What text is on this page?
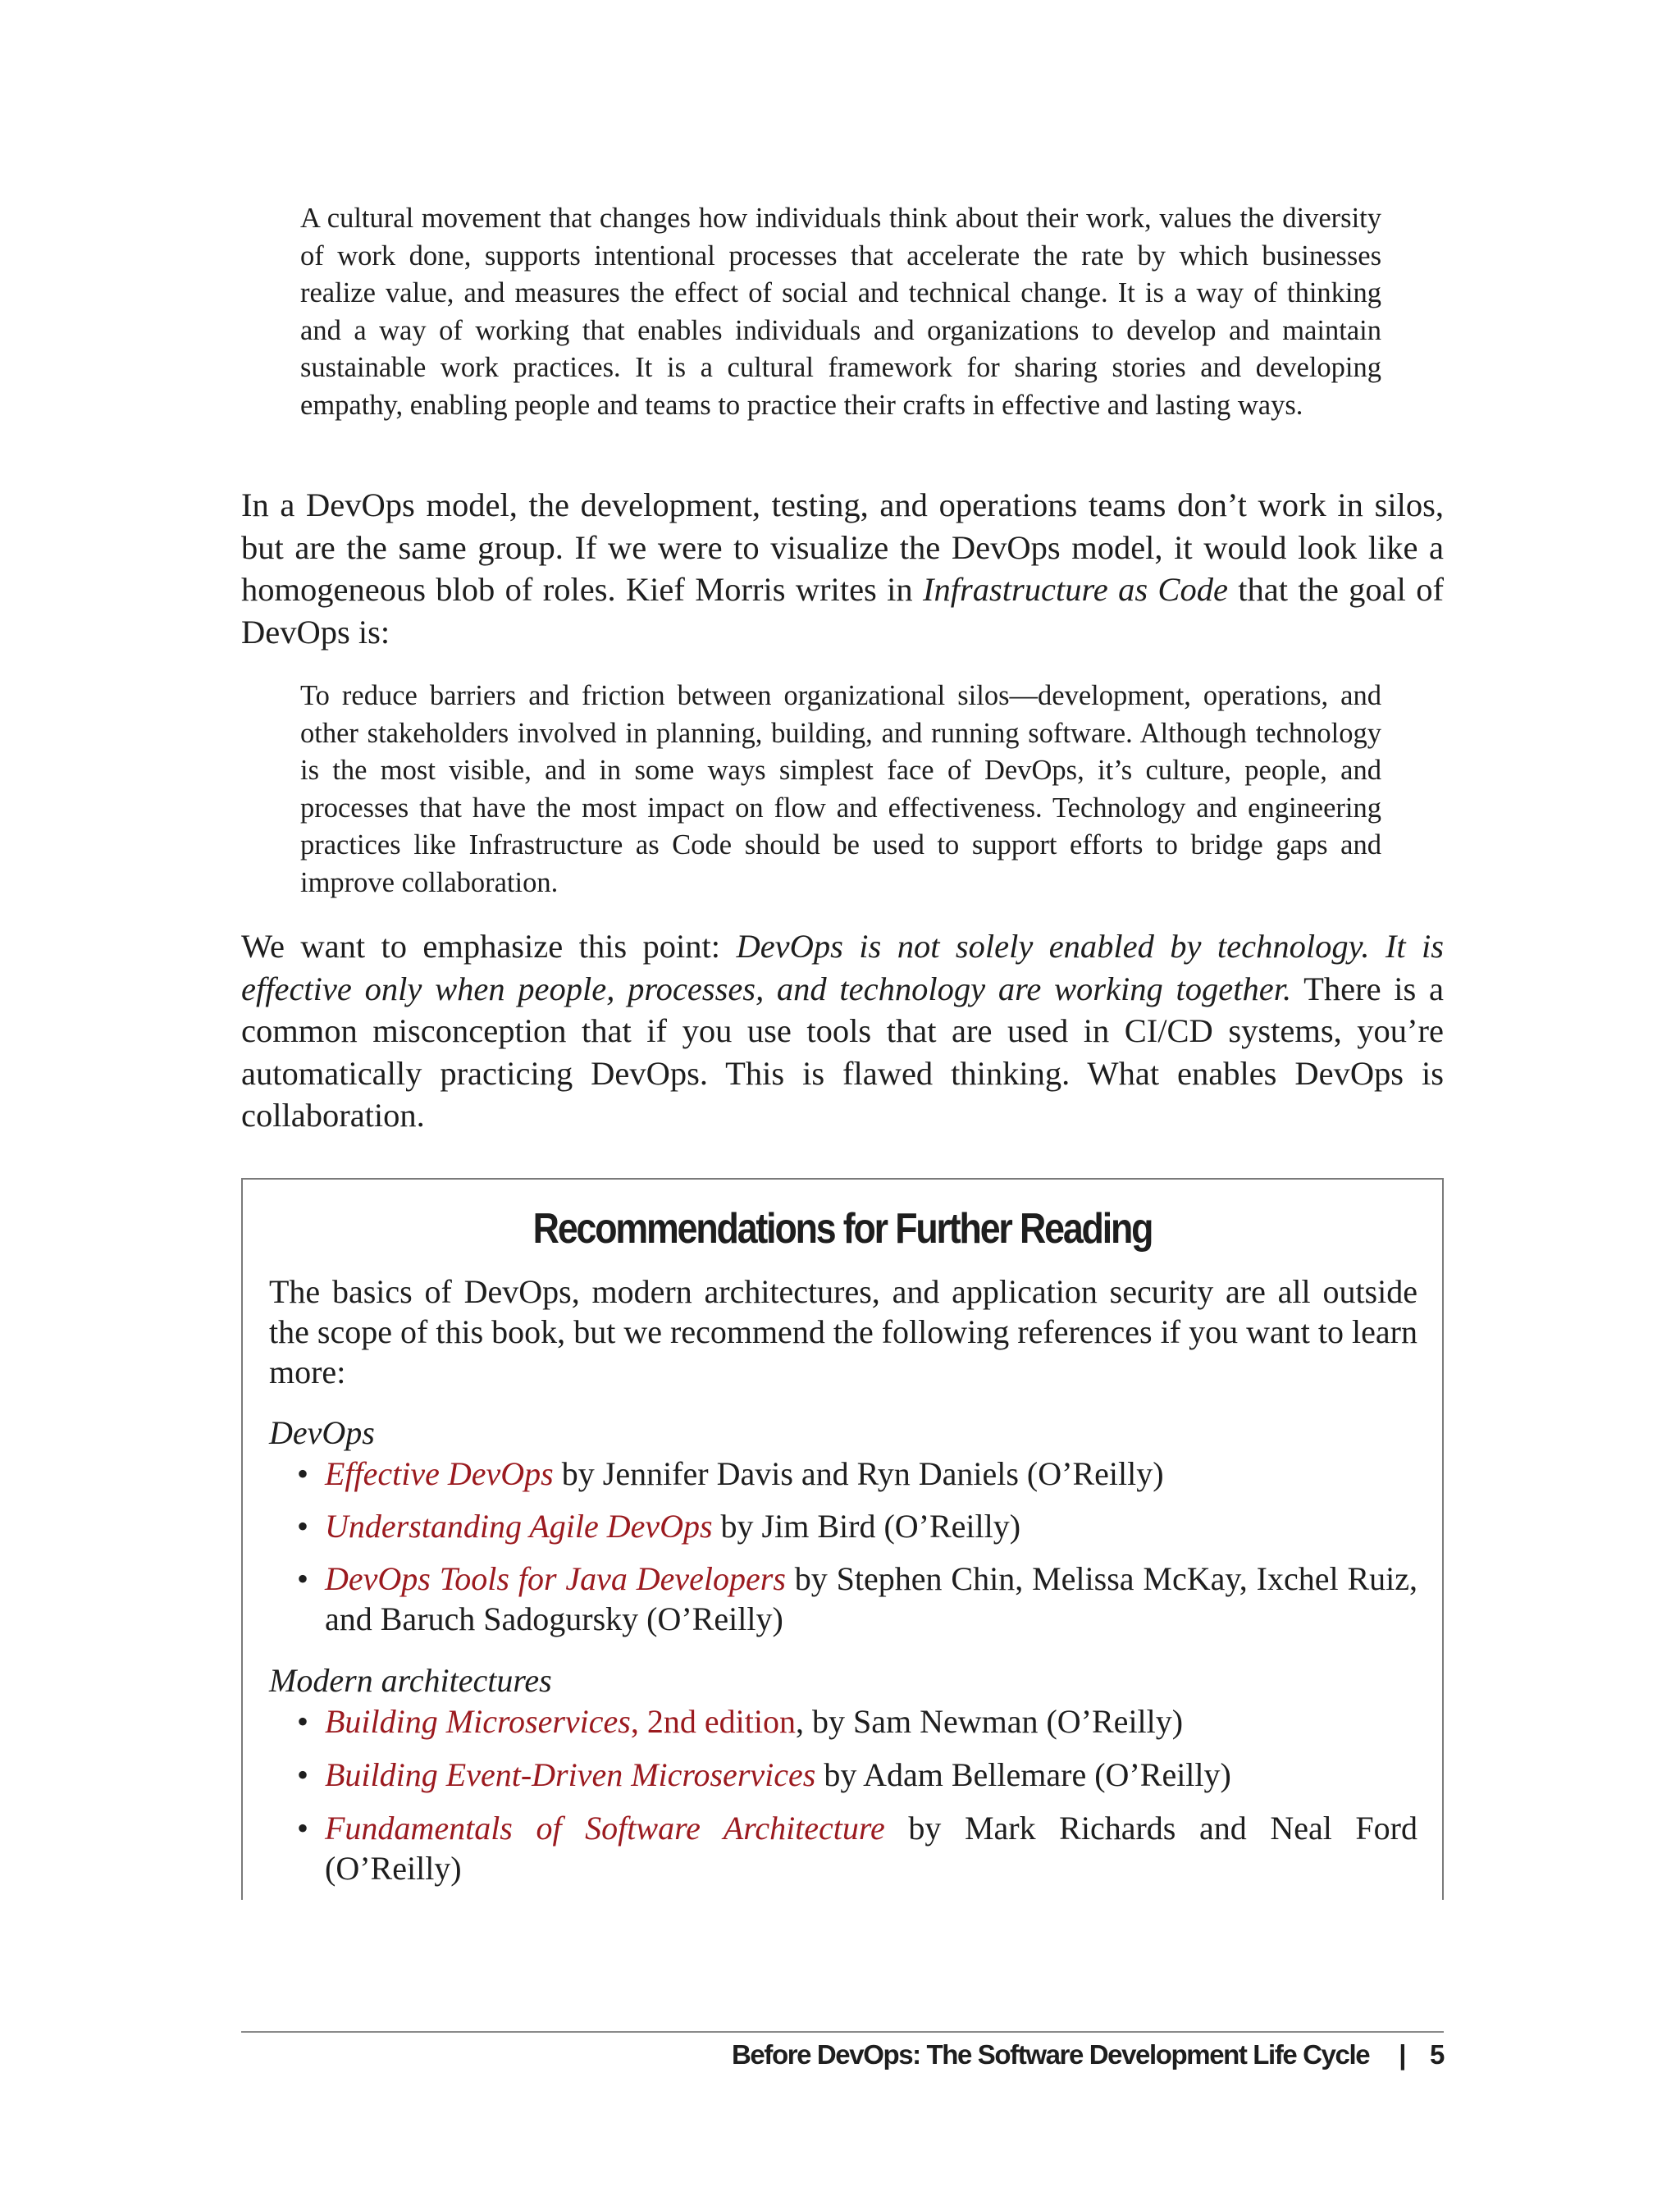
A cultural movement that changes how individuals think about their work, values the diversity of work done, supports intentional processes that accelerate the rate by which businesses realize value, and measures the effect of social and technical change. It is a way of thinking and a way of working that enables individuals and organizations to develop and maintain sustainable work practices. It is a cultural framework for sharing stories and developing empathy, enabling people and teams to practice their crafts in effective and lasting ways.

In a DevOps model, the development, testing, and operations teams don’t work in silos, but are the same group. If we were to visualize the DevOps model, it would look like a homogeneous blob of roles. Kief Morris writes in Infrastructure as Code that the goal of DevOps is:

To reduce barriers and friction between organizational silos—development, operations, and other stakeholders involved in planning, building, and running software. Although technology is the most visible, and in some ways simplest face of DevOps, it’s culture, people, and processes that have the most impact on flow and effectiveness. Technology and engineering practices like Infrastructure as Code should be used to support efforts to bridge gaps and improve collaboration.

We want to emphasize this point: DevOps is not solely enabled by technology. It is effective only when people, processes, and technology are working together. There is a common misconception that if you use tools that are used in CI/CD systems, you’re automatically practicing DevOps. This is flawed thinking. What enables DevOps is collaboration.

Recommendations for Further Reading

The basics of DevOps, modern architectures, and application security are all outside the scope of this book, but we recommend the following references if you want to learn more:

DevOps

• Effective DevOps by Jennifer Davis and Ryn Daniels (O’Reilly)

• Understanding Agile DevOps by Jim Bird (O’Reilly)

• DevOps Tools for Java Developers by Stephen Chin, Melissa McKay, Ixchel Ruiz, and Baruch Sadogursky (O’Reilly)

Modern architectures

• Building Microservices, 2nd edition, by Sam Newman (O’Reilly)

• Building Event-Driven Microservices by Adam Bellemare (O’Reilly)

• Fundamentals of Software Architecture by Mark Richards and Neal Ford (O’Reilly)

Before DevOps: The Software Development Life Cycle | 5
